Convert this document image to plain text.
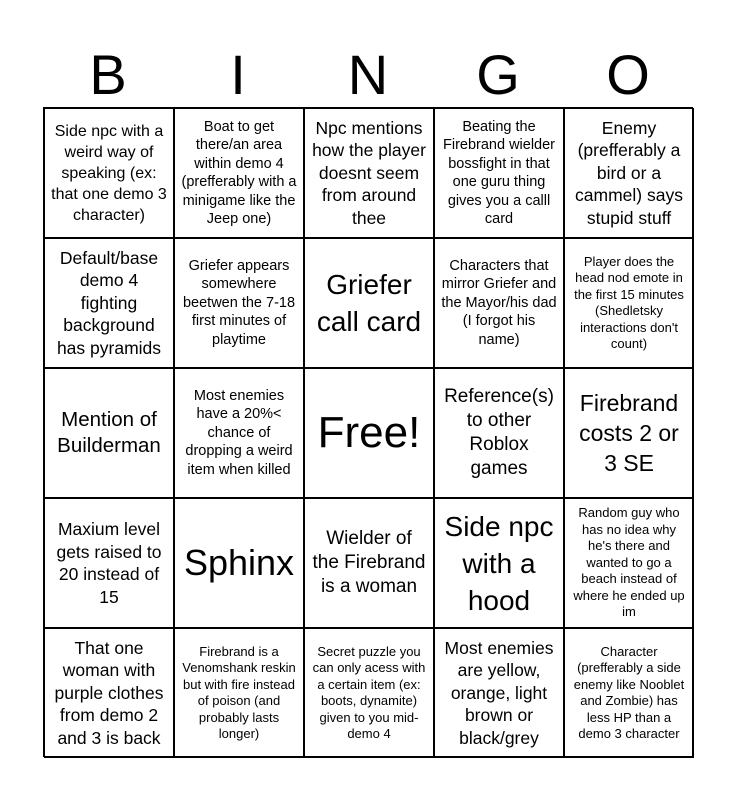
B	I	N	G	O
Side npc with a weird way of speaking (ex: that one demo 3 character)
Boat to get there/an area within demo 4 (prefferably with a minigame like the Jeep one)
Npc mentions how the player doesnt seem from around thee
Beating the Firebrand wielder bossfight in that one guru thing gives you a calll card
Enemy (prefferably a bird or a cammel) says stupid stuff
Default/base demo 4 fighting background has pyramids
Griefer appears somewhere beetwen the 7-18 first minutes of playtime
Griefer call card
Characters that mirror Griefer and the Mayor/his dad (I forgot his name)
Player does the head nod emote in the first 15 minutes (Shedletsky interactions don't count)
Mention of Builderman
Most enemies have a 20%< chance of dropping a weird item when killed
Free!
Reference(s) to other Roblox games
Firebrand costs 2 or 3 SE
Maxium level gets raised to 20 instead of 15
Sphinx
Wielder of the Firebrand is a woman
Side npc with a hood
Random guy who has no idea why he's there and wanted to go a beach instead of where he ended up im
That one woman with purple clothes from demo 2 and 3 is back
Firebrand is a Venomshank reskin but with fire instead of poison (and probably lasts longer)
Secret puzzle you can only acess with a certain item (ex: boots, dynamite) given to you mid-demo 4
Most enemies are yellow, orange, light brown or black/grey
Character (prefferably a side enemy like Nooblet and Zombie) has less HP than a demo 3 character
